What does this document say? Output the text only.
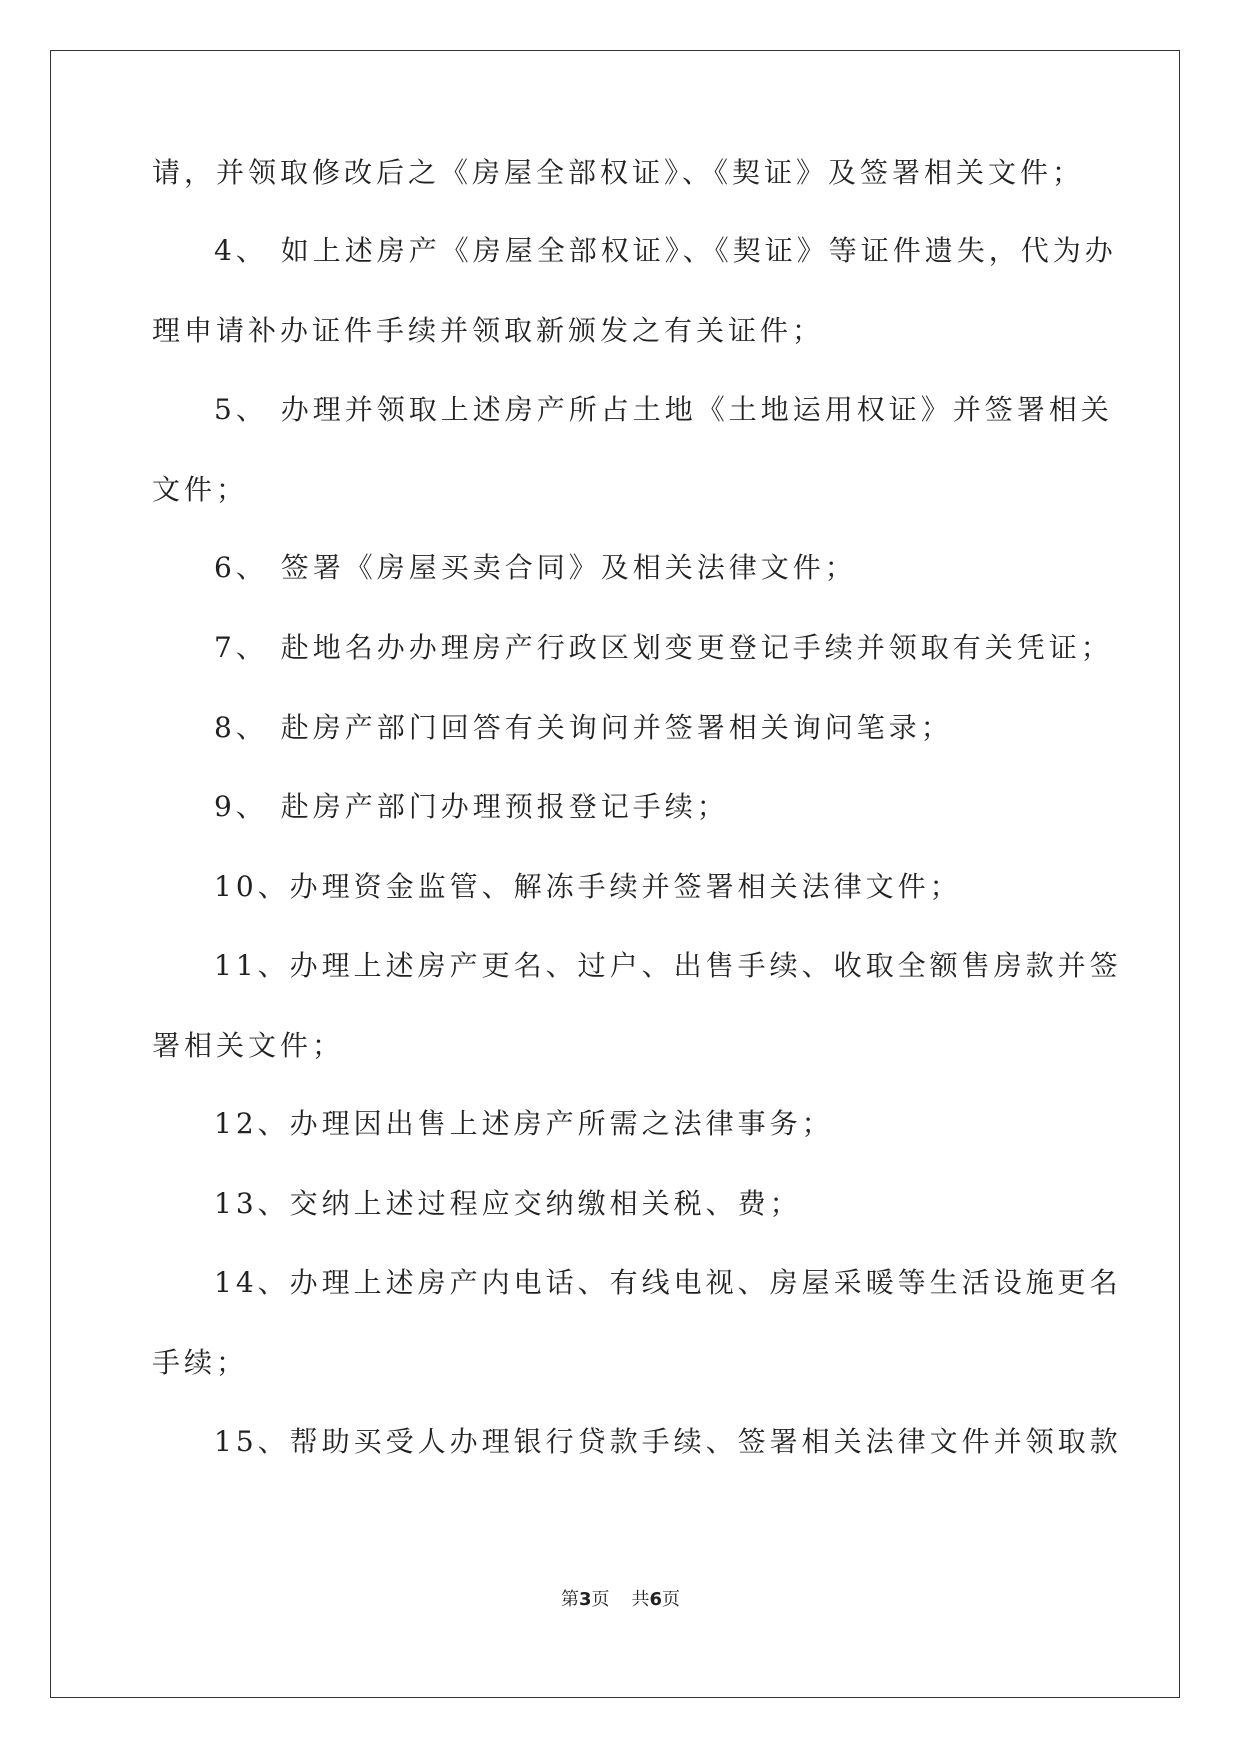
请，并领取修改后之《房屋全部权证》、《契证》及签署相关文件；
4、 如上述房产《房屋全部权证》、《契证》等证件遗失，代为办
理申请补办证件手续并领取新颁发之有关证件；
5、 办理并领取上述房产所占土地《土地运用权证》并签署相关
文件；
6、 签署《房屋买卖合同》及相关法律文件；
7、 赴地名办办理房产行政区划变更登记手续并领取有关凭证；
8、 赴房产部门回答有关询问并签署相关询问笔录；
9、 赴房产部门办理预报登记手续；
10、办理资金监管、解冻手续并签署相关法律文件；
11、办理上述房产更名、过户、出售手续、收取全额售房款并签
署相关文件；
12、办理因出售上述房产所需之法律事务；
13、交纳上述过程应交纳缴相关税、费；
14、办理上述房产内电话、有线电视、房屋采暖等生活设施更名
手续；
15、帮助买受人办理银行贷款手续、签署相关法律文件并领取款
第3页 共6页
